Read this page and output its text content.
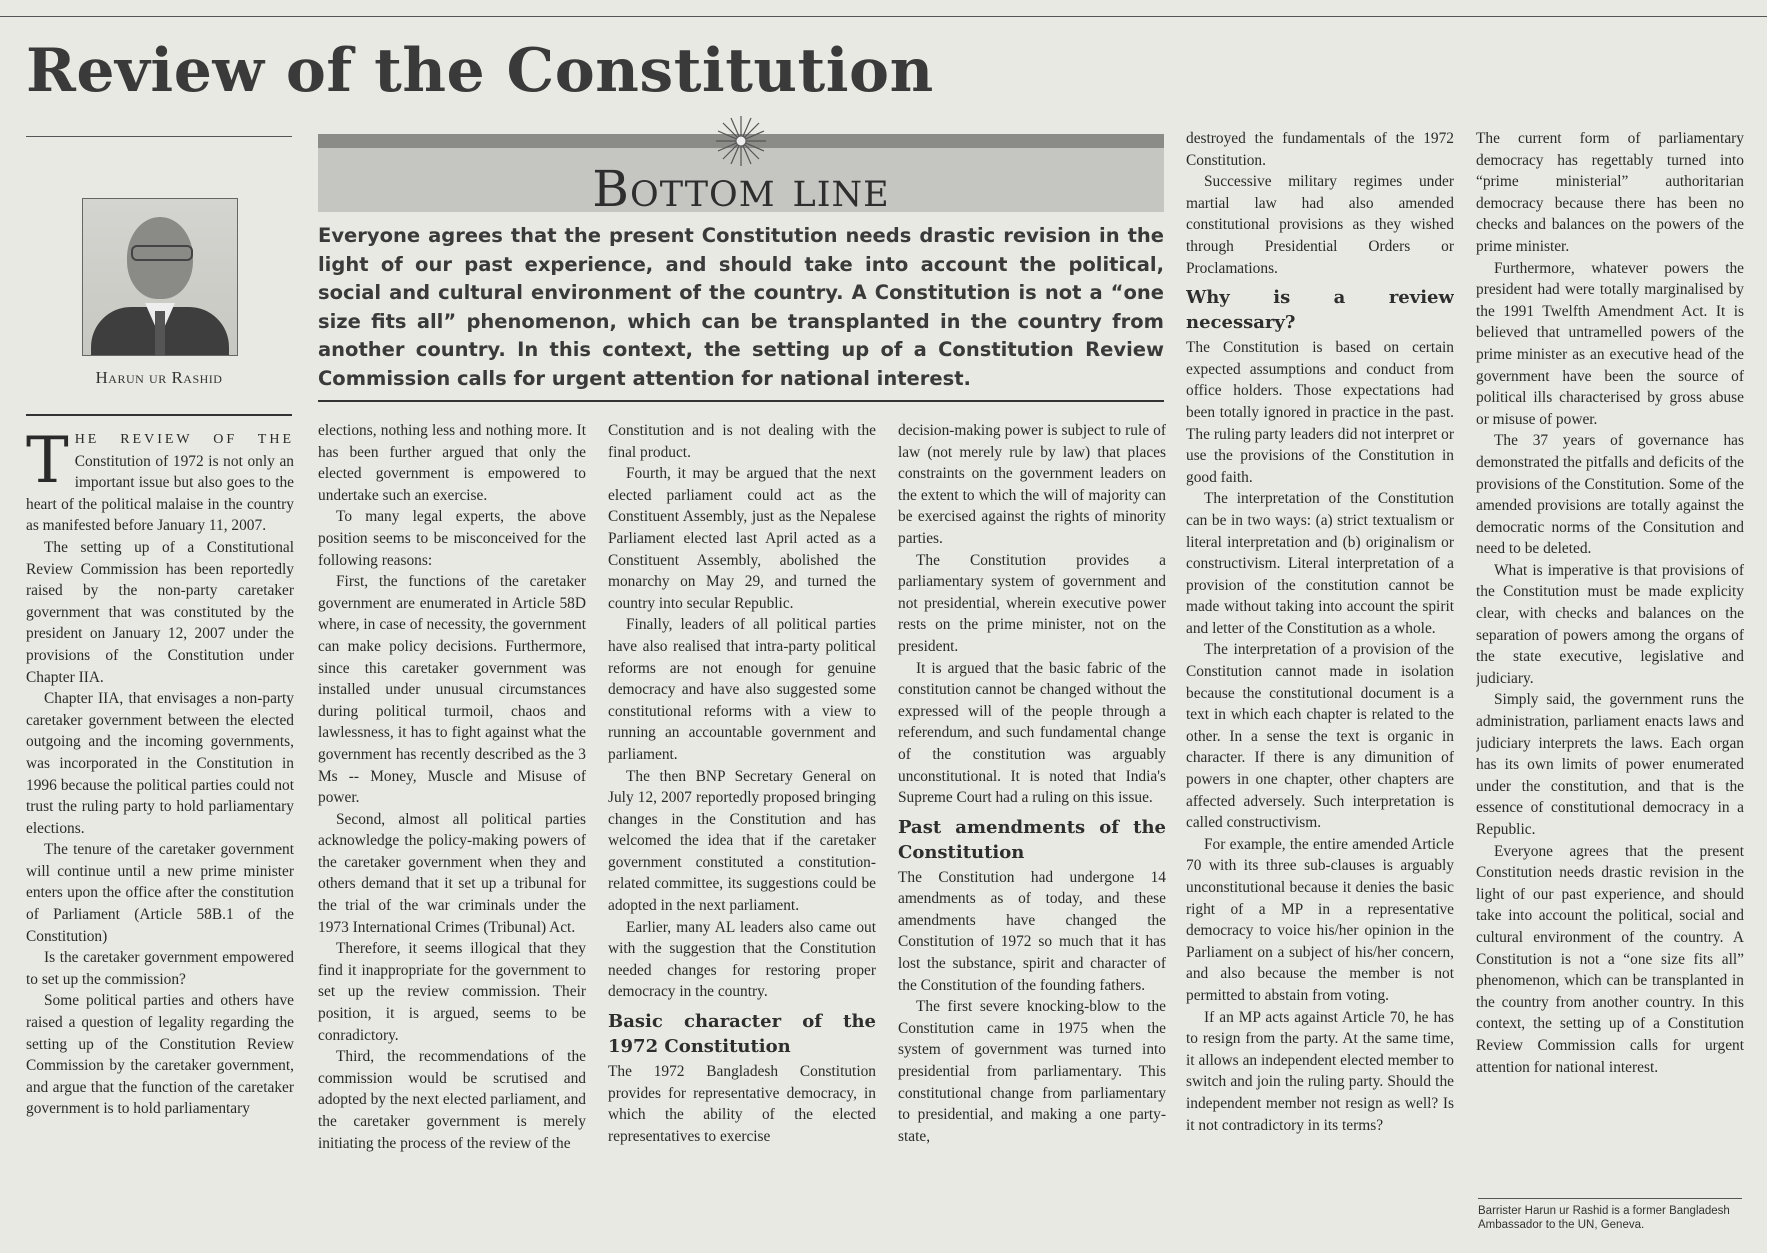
Review of the Constitution
Harun ur Rashid
Bottom line

Everyone agrees that the present Constitution needs drastic revision in the light of our past experience, and should take into account the political, social and cultural environment of the country. A Constitution is not a “one size fits all” phenomenon, which can be transplanted in the country from another country. In this context, the setting up of a Constitution Review Commission calls for urgent attention for national interest.

THE REVIEW OF THE Constitution of 1972 is not only an important issue but also goes to the heart of the political malaise in the country as manifested before January 11, 2007.

The setting up of a Constitutional Review Commission has been reportedly raised by the non-party caretaker government that was constituted by the president on January 12, 2007 under the provisions of the Constitution under Chapter IIA.

Chapter IIA, that envisages a non-party caretaker government between the elected outgoing and the incoming governments, was incorporated in the Constitution in 1996 because the political parties could not trust the ruling party to hold parliamentary elections.

The tenure of the caretaker government will continue until a new prime minister enters upon the office after the constitution of Parliament (Article 58B.1 of the Constitution)

Is the caretaker government empowered to set up the commission?

Some political parties and others have raised a question of legality regarding the setting up of the Constitution Review Commission by the caretaker government, and argue that the function of the caretaker government is to hold parliamentary

elections, nothing less and nothing more. It has been further argued that only the elected government is empowered to undertake such an exercise.

To many legal experts, the above position seems to be misconceived for the following reasons:

First, the functions of the caretaker government are enumerated in Article 58D where, in case of necessity, the government can make policy decisions. Furthermore, since this caretaker government was installed under unusual circumstances during political turmoil, chaos and lawlessness, it has to fight against what the government has recently described as the 3 Ms -- Money, Muscle and Misuse of power.

Second, almost all political parties acknowledge the policy-making powers of the caretaker government when they and others demand that it set up a tribunal for the trial of the war criminals under the 1973 International Crimes (Tribunal) Act.

Therefore, it seems illogical that they find it inappropriate for the government to set up the review commission. Their position, it is argued, seems to be conradictory.

Third, the recommendations of the commission would be scrutised and adopted by the next elected parliament, and the caretaker government is merely initiating the process of the review of the

Constitution and is not dealing with the final product.

Fourth, it may be argued that the next elected parliament could act as the Constituent Assembly, just as the Nepalese Parliament elected last April acted as a Constituent Assembly, abolished the monarchy on May 29, and turned the country into secular Republic.

Finally, leaders of all political parties have also realised that intra-party political reforms are not enough for genuine democracy and have also suggested some constitutional reforms with a view to running an accountable government and parliament.

The then BNP Secretary General on July 12, 2007 reportedly proposed bringing changes in the Constitution and has welcomed the idea that if the caretaker government constituted a constitution-related committee, its suggestions could be adopted in the next parliament.

Earlier, many AL leaders also came out with the suggestion that the Constitution needed changes for restoring proper democracy in the country.

Basic character of the 1972 Constitution

The 1972 Bangladesh Constitution provides for representative democracy, in which the ability of the elected representatives to exercise

decision-making power is subject to rule of law (not merely rule by law) that places constraints on the government leaders on the extent to which the will of majority can be exercised against the rights of minority parties.

The Constitution provides a parliamentary system of government and not presidential, wherein executive power rests on the prime minister, not on the president.

It is argued that the basic fabric of the constitution cannot be changed without the expressed will of the people through a referendum, and such fundamental change of the constitution was arguably unconstitutional. It is noted that India's Supreme Court had a ruling on this issue.

Past amendments of the Constitution

The Constitution had undergone 14 amendments as of today, and these amendments have changed the Constitution of 1972 so much that it has lost the substance, spirit and character of the Constitution of the founding fathers.

The first severe knocking-blow to the Constitution came in 1975 when the system of government was turned into presidential from parliamentary. This constitutional change from parliamentary to presidential, and making a one party-state,

destroyed the fundamentals of the 1972 Constitution.

Successive military regimes under martial law had also amended constitutional provisions as they wished through Presidential Orders or Proclamations.

Why is a review necessary?

The Constitution is based on certain expected assumptions and conduct from office holders. Those expectations had been totally ignored in practice in the past. The ruling party leaders did not interpret or use the provisions of the Constitution in good faith.

The interpretation of the Constitution can be in two ways: (a) strict textualism or literal interpretation and (b) originalism or constructivism. Literal interpretation of a provision of the constitution cannot be made without taking into account the spirit and letter of the Constitution as a whole.

The interpretation of a provision of the Constitution cannot made in isolation because the constitutional document is a text in which each chapter is related to the other. In a sense the text is organic in character. If there is any dimunition of powers in one chapter, other chapters are affected adversely. Such interpretation is called constructivism.

For example, the entire amended Article 70 with its three sub-clauses is arguably unconstitutional because it denies the basic right of a MP in a representative democracy to voice his/her opinion in the Parliament on a subject of his/her concern, and also because the member is not permitted to abstain from voting.

If an MP acts against Article 70, he has to resign from the party. At the same time, it allows an independent elected member to switch and join the ruling party. Should the independent member not resign as well? Is it not contradictory in its terms?

The current form of parliamentary democracy has regettably turned into “prime ministerial” authoritarian democracy because there has been no checks and balances on the powers of the prime minister.

Furthermore, whatever powers the president had were totally marginalised by the 1991 Twelfth Amendment Act. It is believed that untramelled powers of the prime minister as an executive head of the government have been the source of political ills characterised by gross abuse or misuse of power.

The 37 years of governance has demonstrated the pitfalls and deficits of the provisions of the Constitution. Some of the amended provisions are totally against the democratic norms of the Consitution and need to be deleted.

What is imperative is that provisions of the Constitution must be made explicity clear, with checks and balances on the separation of powers among the organs of the state executive, legislative and judiciary.

Simply said, the government runs the administration, parliament enacts laws and judiciary interprets the laws. Each organ has its own limits of power enumerated under the constitution, and that is the essence of constitutional democracy in a Republic.

Everyone agrees that the present Constitution needs drastic revision in the light of our past experience, and should take into account the political, social and cultural environment of the country. A Constitution is not a “one size fits all” phenomenon, which can be transplanted in the country from another country. In this context, the setting up of a Constitution Review Commission calls for urgent attention for national interest.

Barrister Harun ur Rashid is a former Bangladesh Ambassador to the UN, Geneva.
